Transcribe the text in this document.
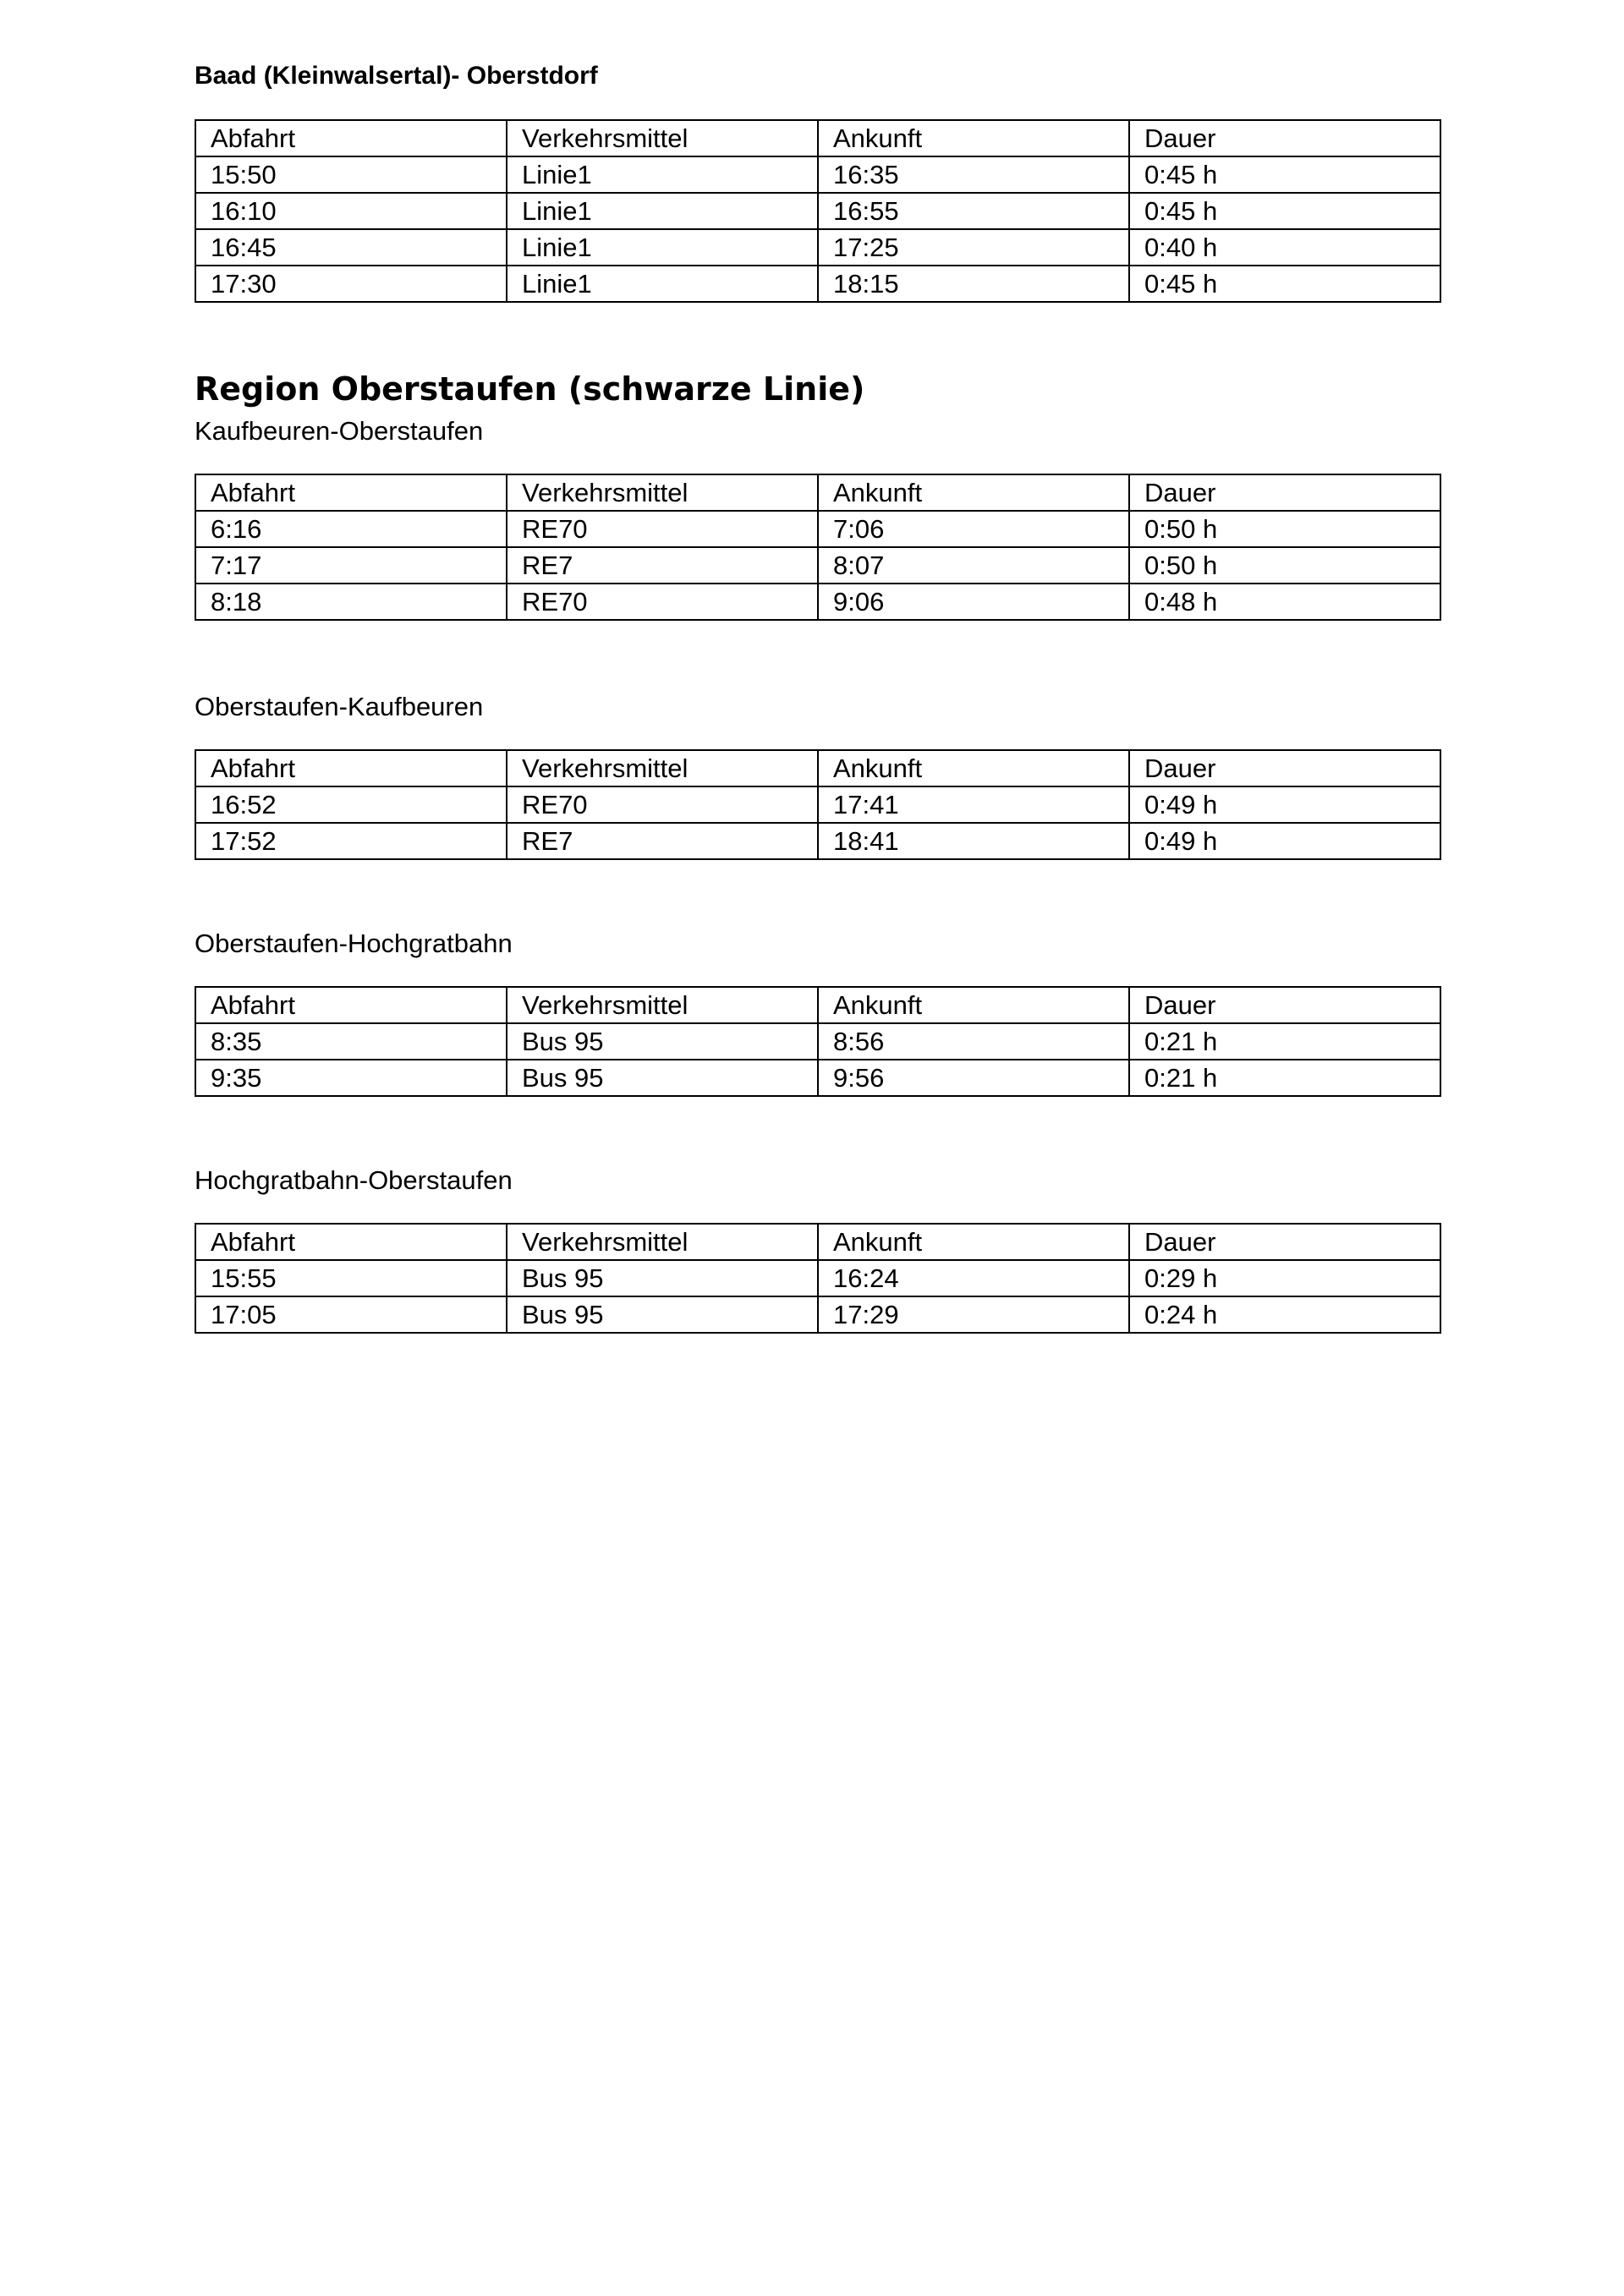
Baad (Kleinwalsertal)- Oberstdorf
Abfahrt	Verkehrsmittel	Ankunft	Dauer
15:50	Linie1	16:35	0:45 h
16:10	Linie1	16:55	0:45 h
16:45	Linie1	17:25	0:40 h
17:30	Linie1	18:15	0:45 h
Region Oberstaufen (schwarze Linie)
Kaufbeuren-Oberstaufen
Abfahrt	Verkehrsmittel	Ankunft	Dauer
6:16	RE70	7:06	0:50 h
7:17	RE7	8:07	0:50 h
8:18	RE70	9:06	0:48 h
Oberstaufen-Kaufbeuren
Abfahrt	Verkehrsmittel	Ankunft	Dauer
16:52	RE70	17:41	0:49 h
17:52	RE7	18:41	0:49 h
Oberstaufen-Hochgratbahn
Abfahrt	Verkehrsmittel	Ankunft	Dauer
8:35	Bus 95	8:56	0:21 h
9:35	Bus 95	9:56	0:21 h
Hochgratbahn-Oberstaufen
Abfahrt	Verkehrsmittel	Ankunft	Dauer
15:55	Bus 95	16:24	0:29 h
17:05	Bus 95	17:29	0:24 h
